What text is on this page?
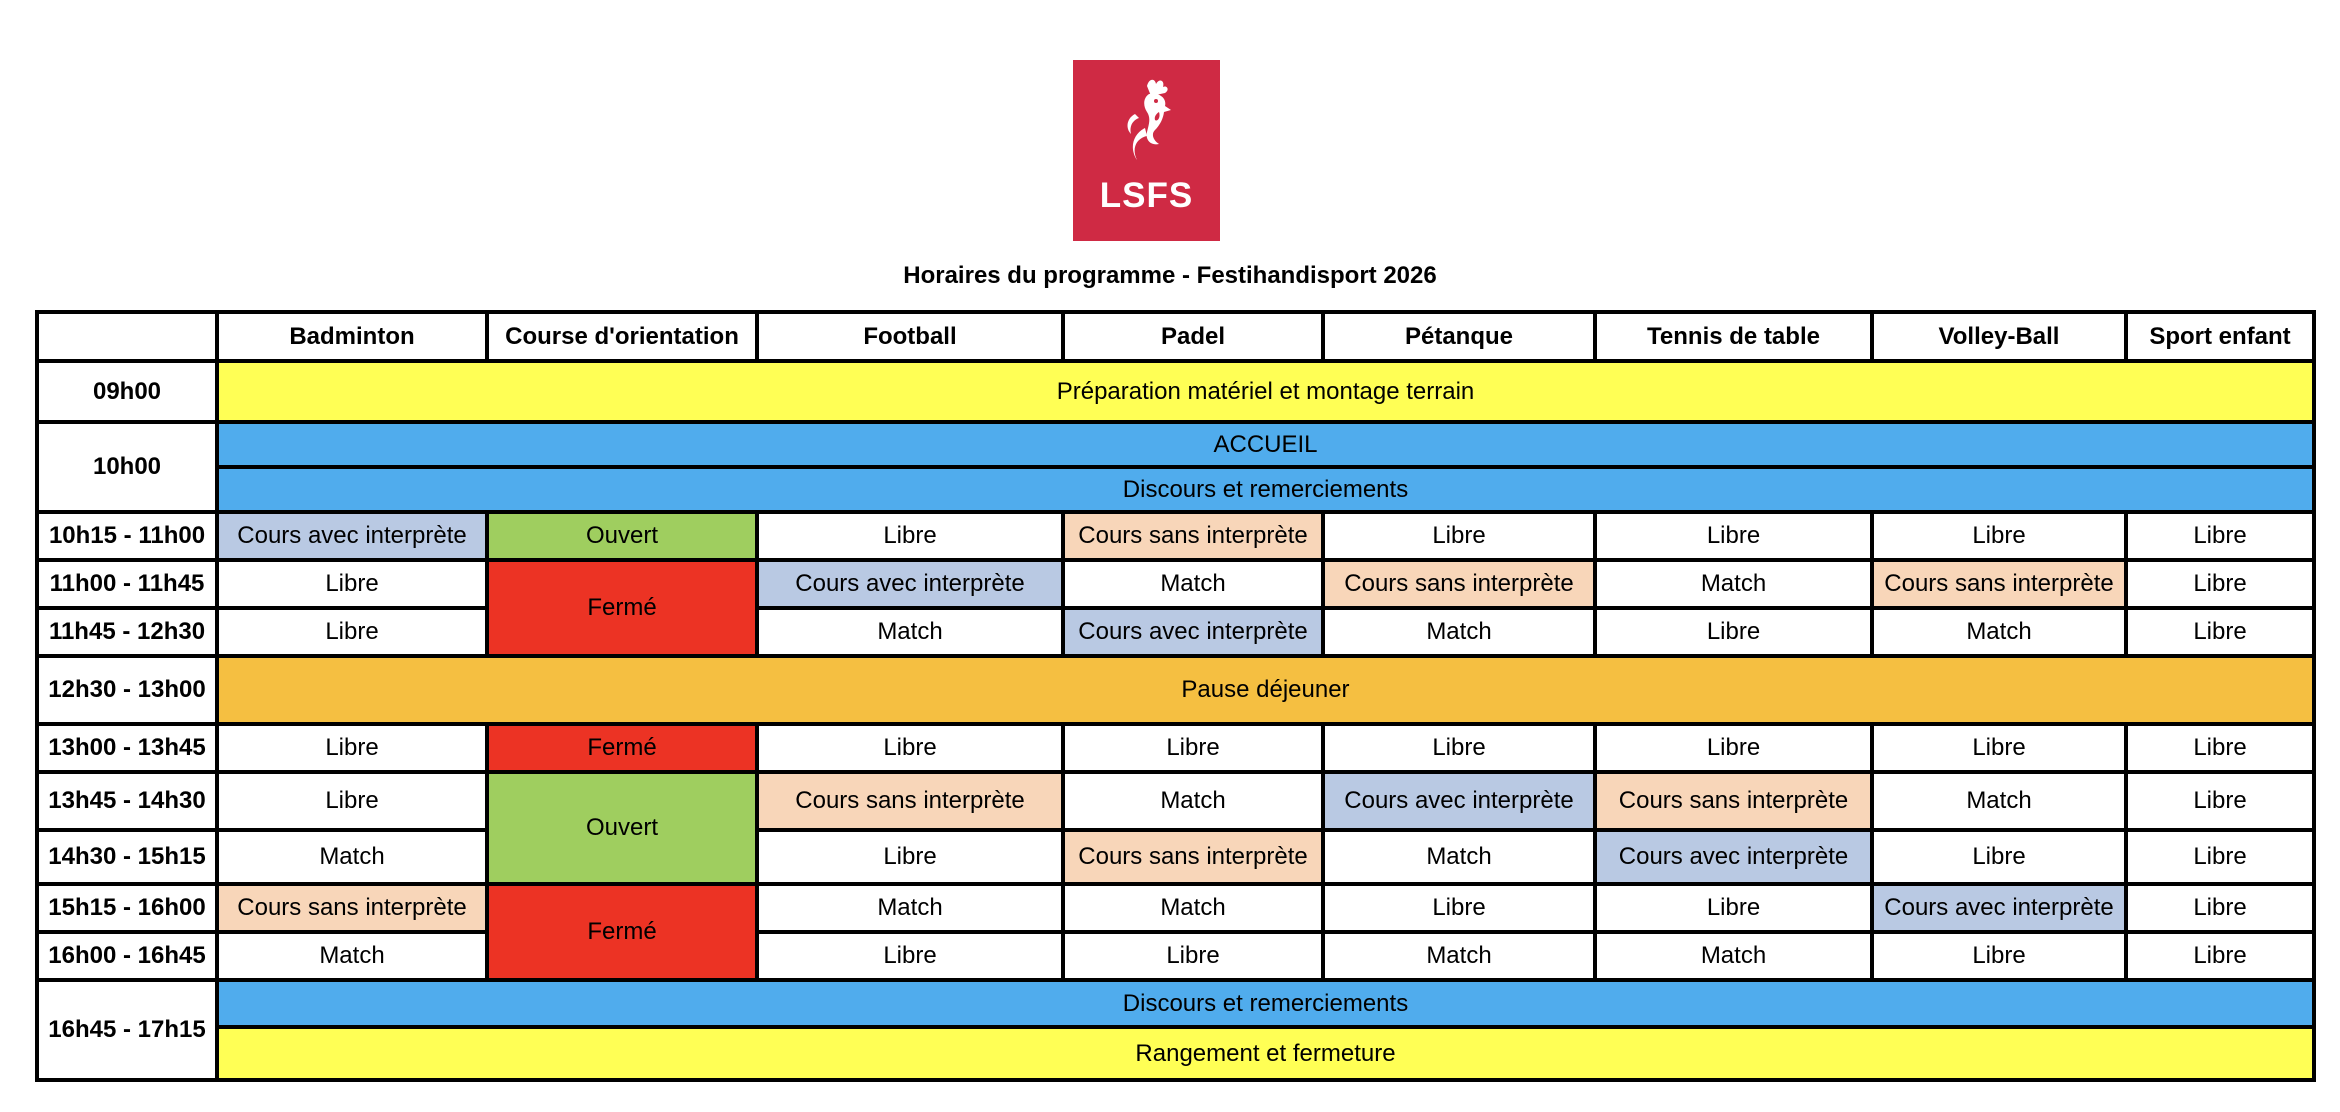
LSFS
Horaires du programme - Festihandisport 2026
	Badminton	Course d'orientation	Football	Padel	Pétanque	Tennis de table	Volley-Ball	Sport enfant
09h00	Préparation matériel et montage terrain							
10h00	ACCUEIL							
	Discours et remerciements							
10h15 - 11h00	Cours avec interprète	Ouvert	Libre	Cours sans interprète	Libre	Libre	Libre	Libre
11h00 - 11h45	Libre	Fermé	Cours avec interprète	Match	Cours sans interprète	Match	Cours sans interprète	Libre
11h45 - 12h30	Libre		Match	Cours avec interprète	Match	Libre	Match	Libre
12h30 - 13h00	Pause déjeuner							
13h00 - 13h45	Libre	Fermé	Libre	Libre	Libre	Libre	Libre	Libre
13h45 - 14h30	Libre	Ouvert	Cours sans interprète	Match	Cours avec interprète	Cours sans interprète	Match	Libre
14h30 - 15h15	Match		Libre	Cours sans interprète	Match	Cours avec interprète	Libre	Libre
15h15 - 16h00	Cours sans interprète	Fermé	Match	Match	Libre	Libre	Cours avec interprète	Libre
16h00 - 16h45	Match		Libre	Libre	Match	Match	Libre	Libre
16h45 - 17h15	Discours et remerciements							
	Rangement et fermeture							
